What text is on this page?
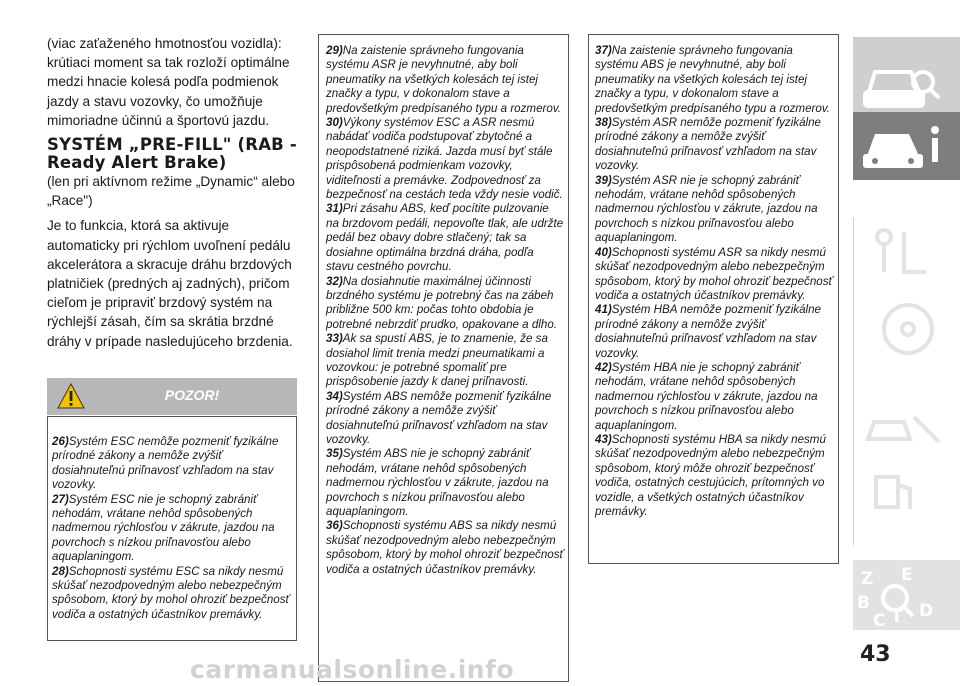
(viac zaťaženého hmotnosťou vozidla): krútiaci moment sa tak rozloží optimálne medzi hnacie kolesá podľa podmienok jazdy a stavu vozovky, čo umožňuje mimoriadne účinnú a športovú jazdu.

SYSTÉM „PRE-FILL" (RAB - Ready Alert Brake)

(len pri aktívnom režime „Dynamic“ alebo „Race")

Je to funkcia, ktorá sa aktivuje automaticky pri rýchlom uvoľnení pedálu akcelerátora a skracuje dráhu brzdových platničiek (predných aj zadných), pričom cieľom je pripraviť brzdový systém na rýchlejší zásah, čím sa skrátia brzdné dráhy v prípade nasledujúceho brzdenia.

POZOR!

26)Systém ESC nemôže pozmeniť fyzikálne prírodné zákony a nemôže zvýšiť dosiahnuteľnú priľnavosť vzhľadom na stav vozovky.

27)Systém ESC nie je schopný zabrániť nehodám, vrátane nehôd spôsobených nadmernou rýchlosťou v zákrute, jazdou na povrchoch s nízkou priľnavosťou alebo aquaplaningom.

28)Schopnosti systému ESC sa nikdy nesmú skúšať nezodpovedným alebo nebezpečným spôsobom, ktorý by mohol ohroziť bezpečnosť vodiča a ostatných účastníkov premávky.

29)Na zaistenie správneho fungovania systému ASR je nevyhnutné, aby boli pneumatiky na všetkých kolesách tej istej značky a typu, v dokonalom stave a predovšetkým predpísaného typu a rozmerov.

30)Výkony systémov ESC a ASR nesmú nabádať vodiča podstupovať zbytočné a neopodstatnené riziká. Jazda musí byť stále prispôsobená podmienkam vozovky, viditeľnosti a premávke. Zodpovednosť za bezpečnosť na cestách teda vždy nesie vodič.

31)Pri zásahu ABS, keď pocítite pulzovanie na brzdovom pedáli, nepovoľte tlak, ale udržte pedál bez obavy dobre stlačený; tak sa dosiahne optimálna brzdná dráha, podľa stavu cestného povrchu.

32)Na dosiahnutie maximálnej účinnosti brzdného systému je potrebný čas na zábeh približne 500 km: počas tohto obdobia je potrebné nebrzdiť prudko, opakovane a dlho.

33)Ak sa spustí ABS, je to znamenie, že sa dosiahol limit trenia medzi pneumatikami a vozovkou: je potrebné spomaliť pre prispôsobenie jazdy k danej priľnavosti.

34)Systém ABS nemôže pozmeniť fyzikálne prírodné zákony a nemôže zvýšiť dosiahnuteľnú priľnavosť vzhľadom na stav vozovky.

35)Systém ABS nie je schopný zabrániť nehodám, vrátane nehôd spôsobených nadmernou rýchlosťou v zákrute, jazdou na povrchoch s nízkou priľnavosťou alebo aquaplaningom.

36)Schopnosti systému ABS sa nikdy nesmú skúšať nezodpovedným alebo nebezpečným spôsobom, ktorý by mohol ohroziť bezpečnosť vodiča a ostatných účastníkov premávky.

37)Na zaistenie správneho fungovania systému ABS je nevyhnutné, aby boli pneumatiky na všetkých kolesách tej istej značky a typu, v dokonalom stave a predovšetkým predpísaného typu a rozmerov.

38)Systém ASR nemôže pozmeniť fyzikálne prírodné zákony a nemôže zvýšiť dosiahnuteľnú priľnavosť vzhľadom na stav vozovky.

39)Systém ASR nie je schopný zabrániť nehodám, vrátane nehôd spôsobených nadmernou rýchlosťou v zákrute, jazdou na povrchoch s nízkou priľnavosťou alebo aquaplaningom.

40)Schopnosti systému ASR sa nikdy nesmú skúšať nezodpovedným alebo nebezpečným spôsobom, ktorý by mohol ohroziť bezpečnosť vodiča a ostatných účastníkov premávky.

41)Systém HBA nemôže pozmeniť fyzikálne prírodné zákony a nemôže zvýšiť dosiahnuteľnú priľnavosť vzhľadom na stav vozovky.

42)Systém HBA nie je schopný zabrániť nehodám, vrátane nehôd spôsobených nadmernou rýchlosťou v zákrute, jazdou na povrchoch s nízkou priľnavosťou alebo aquaplaningom.

43)Schopnosti systému HBA sa nikdy nesmú skúšať nezodpovedným alebo nebezpečným spôsobom, ktorý môže ohroziť bezpečnosť vodiča, ostatných cestujúcich, prítomných vo vozidle, a všetkých ostatných účastníkov premávky.

Z E
B	D
C T
43
carmanualsonline.info
